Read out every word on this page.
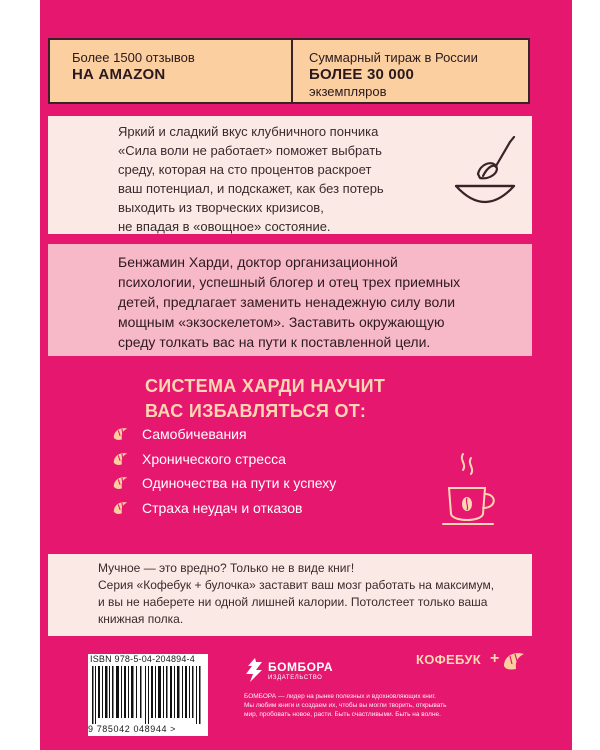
Более 1500 отзывов
НА AMAZON
Суммарный тираж в России
БОЛЕЕ 30 000
экземпляров
Яркий и сладкий вкус клубничного пончика
«Сила воли не работает» поможет выбрать
среду, которая на сто процентов раскроет
ваш потенциал, и подскажет, как без потерь
выходить из творческих кризисов,
не впадая в «овощное» состояние.
Бенжамин Харди, доктор организационной
психологии, успешный блогер и отец трех приемных
детей, предлагает заменить ненадежную силу воли
мощным «экзоскелетом». Заставить окружающую
среду толкать вас на пути к поставленной цели.
СИСТЕМА ХАРДИ НАУЧИТ
ВАС ИЗБАВЛЯТЬСЯ ОТ:
Самобичевания
Хронического стресса
Одиночества на пути к успеху
Страха неудач и отказов
Мучное — это вредно? Только не в виде книг!
Серия «Кофебук + булочка» заставит ваш мозг работать на максимум,
и вы не наберете ни одной лишней калории. Потолстеет только ваша
книжная полка.
ISBN 978-5-04-204894-4
9 785042 048944 >
БОМБОРА
ИЗДАТЕЛЬСТВО
БОМБОРА — лидер на рынке полезных и вдохновляющих книг.
Мы любим книги и создаем их, чтобы вы могли творить, открывать
мир, пробовать новое, расти. Быть счастливыми. Быть на волне.
КОФЕБУК +
